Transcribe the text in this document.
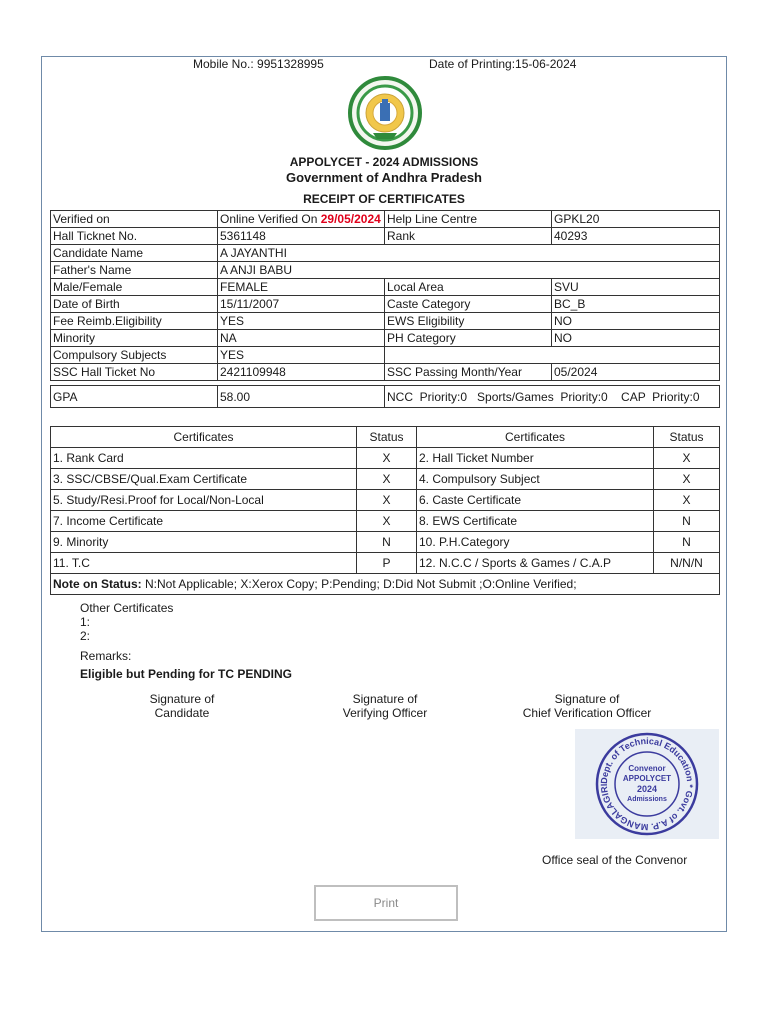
Mobile No.: 9951328995	Date of Printing:15-06-2024
APPOLYCET - 2024 ADMISSIONS
Government of Andhra Pradesh
RECEIPT OF CERTIFICATES
Verified on	Online Verified On 29/05/2024	Help Line Centre	GPKL20
Hall Ticknet No.	5361148	Rank	40293
Candidate Name	A JAYANTHI		
Father's Name	A ANJI BABU		
Male/Female	FEMALE	Local Area	SVU
Date of Birth	15/11/2007	Caste Category	BC_B
Fee Reimb.Eligibility	YES	EWS Eligibility	NO
Minority	NA	PH Category	NO
Compulsory Subjects	YES		
SSC Hall Ticket No	2421109948	SSC Passing Month/Year	05/2024

GPA	58.00	NCC  Priority:0   Sports/Games  Priority:0    CAP  Priority:0	
Certificates	Status	Certificates	Status
1. Rank Card	X	2. Hall Ticket Number	X
3. SSC/CBSE/Qual.Exam Certificate	X	4. Compulsory Subject	X
5. Study/Resi.Proof for Local/Non-Local	X	6. Caste Certificate	X
7. Income Certificate	X	8. EWS Certificate	N
9. Minority	N	10. P.H.Category	N
11. T.C	P	12. N.C.C / Sports & Games / C.A.P	N/N/N
Note on Status: N:Not Applicable; X:Xerox Copy; P:Pending; D:Did Not Submit ;O:Online Verified;			
Other Certificates
1:
2:
Remarks:
Eligible but Pending for TC PENDING
Signature of
Candidate
Signature of
Verifying Officer
Signature of
Chief Verification Officer
Dept. of Technical Education * Govt. of A.P. MANGALAGIRI
Convenor
APPOLYCET
2024
Admissions
Office seal of the Convenor
Print
